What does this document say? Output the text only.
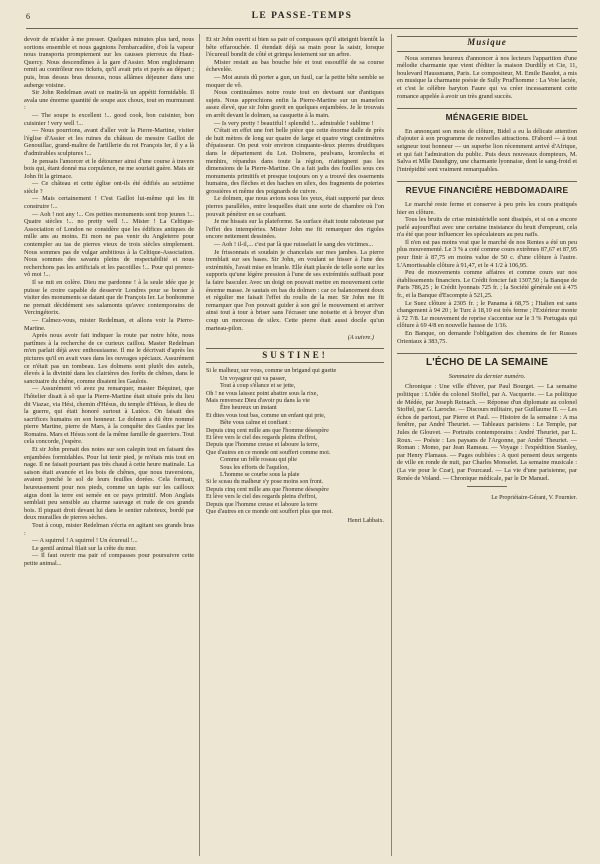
6	LE PASSE-TEMPS

devoir de m'aider à me presser. Quelques minutes plus tard, nous sortions ensemble et nous gagnions l'embarcadère, d'où la vapeur nous transporta promptement sur les causses pierreux du Haut-Quercy. Nous descendîmes à la gare d'Assier. Mon englishmann remit au contrôleur nos tickets, qu'il avait pris et payés au départ ; puis, bras dessus bras dessous, nous allâmes déjeuner dans une auberge voisine.

Sir John Redelman avait ce matin-là un appétit formidable. Il avala une énorme quantité de soupe aux choux, tout en murmurant :

— The soupe is excellent !... good cook, bon cuisinier, bon cuisinier ! very well !...

— Nous pourrions, avant d'aller voir la Pierre-Martine, visiter l'église d'Assier et les ruines du château de messire Gaillot de Genouillac, grand-maître de l'artillerie du roi François Ier, il y a là d'admirables sculptures !...

Je pensais l'amorcer et le détourner ainsi d'une course à travers bois qui, étant donné ma corpulence, ne me souriait guère. Mais sir John fit la grimace.

— Ce château et cette église ont-ils été édifiés au seizième siècle ?

— Mais certainement ! C'est Gaillot lui-même qui les fit construire !...

— Aoh ! not any !... Ces petites monuments sont trop jeunes !... Quatre siècles !... no pretty well !... Mister ! La Celtique-Association of London ne considère que les édifices antiques de mille ans au moins. Et mon ne pas venir du Angleterre pour contempler au tas de pierres vieux de trois siècles simplement. Nous sommes pas de vulgar ambitious à la Celtique-Association. Nous sommes des savants pleins de respectabilité et nous recherchons pas les artificials et les pacotilles !... Pour qui prenez-vô moi !...

Il se mit en colère. Dieu me pardonne ! à la seule idée que je puisse le croire capable de desservir Londres pour se borner à visiter des monuments se datant que de François Ier. Le bonhomme ne prenait décidément ses salamonts qu'avec contemporains de Vercingétorix.

— Calmez-vous, mister Redelman, et allons voir la Pierre-Martine.

Après nous avoir fait indiquer la route par notre hôte, nous partîmes à la recherche de ce curieux caillou. Master Redelman m'en parlait déjà avec enthousiasme. Il me le décrivait d'après les pictures qu'il en avait vues dans les ouvrages spéciaux. Assurément ce n'était pas un tombeau. Les dolmens sont plutôt des autels, élevés à la divinité dans les clairières des forêts de chênes, dans le sanctuaire du chêne, comme disaient les Gaulois.

— Assurément vô avez pu remarquer, master Béquinet, que l'hôtelier disait à sô que la Pierre-Martine était située près du lieu dit Viazac, via Hési, chemin d'Hésus, du temple d'Hésus, le dieu de la guerre, qui était honoré surtout à Lutèce. On faisait des sacrifices humains en son honneur. Le dolmen a dû être nommé pierre Martine, pierre de Mars, à la conquête des Gaules par les Romains. Mars et Hésus sont de la même famille de guerriers. Tout cela concorde, j'espère.

Et sir John prenait des notes sur son calepin tout en faisant des enjambées formidables. Pour lui tenir pied, je m'étais mis tout en nage. Il ne faisait pourtant pas très chaud à cette heure matinale. La saison était avancée et les bois de chênes, que nous traversions, avaient jonché le sol de leurs feuilles dorées. Cela formait, heureusement pour nos pieds, comme un tapis sur les cailloux aigus dont la terre est semée en ce pays primitif. Mon Anglais semblait peu sensible au charme sauvage et rude de ces grands bois. Il piquait droit devant lui dans le sentier raboteux, bordé par deux murailles de pierres sèches.

Tout à coup, mister Redelman s'écria en agitant ses grands bras :

— A squirrel ! A squirrel ! Un écureuil !...

Le gentil animal filait sur la crête du mur.

— Il faut ouvrir ma pair of compasses pour poursuivre cette petite animal...

Et sir John ouvrit si bien sa pair of compasses qu'il atteignit bientôt la bête effarouchée. Il étendait déjà sa main pour la saisir, lorsque l'écureuil bondit de côté et grimpa lestement sur un arbre.

Mister restait au bas bouche bée et tout essoufflé de sa course échevelée.

— Moi aurais dû porter a gun, un fusil, car la petite bête semble se moquer de vô.

Nous continuâmes notre route tout en devisant sur d'antiques sujets. Nous approchions enfin la Pierre-Martine sur un mamelon assez élevé, que sir John gravit en quelques enjambées. Je le trouvais en arrêt devant le dolmen, sa casquette à la main.

— Is very pretty ! beautiful ! splendid !... admirable ! sublime !

C'était en effet une fort belle pièce que cette énorme dalle de près de huit mètres de long sur quatre de large et quatre vingt centimètres d'épaisseur. On peut voir environ cinquante-deux pierres druidiques dans le département du Lot. Dolmens, peulvans, kromlechs et menhirs, répandus dans toute la région, n'atteignent pas les dimensions de la Pierre-Martine. On a fait jadis des fouilles sous ces monuments primitifs et presque toujours on y a trouvé des ossements humains, des flèches et des haches en silex, des fragments de poteries grossières et même des poignards de cuivre.

Le dolmen, que nous avions sous les yeux, était supporté par deux pierres parallèles, entre lesquelles était une sorte de chambre où l'on pouvait pénétrer en se courbant.

Je me hissais sur la plateforme. Sa surface était toute raboteuse par l'effet des intempéries. Mister John me fit remarquer des rigoles encore nettement dessinées.

— Aoh ! il-il,... c'est par là que ruisselait le sang des victimes...

Je frissonnais et soudain je chancelais sur mes jambes. La pierre tremblait sur ses bases. Sir John, en voulant se hisser à l'une des extrémités, l'avait mise en branle. Elle était placée de telle sorte sur les supports qu'une légère pression à l'une de ses extrémités suffisait pour la faire basculer. Avec un doigt on pouvait mettre en mouvement cette énorme masse. Je sautais en bas du dolmen : car ce balancement doux et régulier me faisait l'effet du roulis de la mer. Sir John me fit remarquer que l'on pouvait guider à son gré le mouvement et arriver ainsi tout à tour à briser sans l'écraser une noisette et à broyer d'un coup un morceau de silex. Cette pierre était aussi docile qu'un marteau-pilon.

(A suivre.)
SUSTINE!
Si le malheur, sur vous, comme un brigand qui guette
Un voyageur qui va passer,
Tout à coup s'élance et se jette,
Oh ! ne vous laissez point abattre sous la rixe,
Mais renversez Dieu d'avoir pu dans la vie
Être heureux un instant
Et dites vous tout bas, comme un enfant qui prie,
Bête vous calme et confiant :
Depuis cinq cent mille ans que l'homme désespère
Et lève vers le ciel des regards pleins d'effroi,
Depuis que l'homme creuse et laboure la terre,
Que d'autres en ce monde ont souffert comme moi.
Comme un frêle roseau qui plie
Sous les efforts de l'aquilon,
L'homme se courbe sous la plaie
Si le sceau du malheur s'y pose moins son front.
Depuis cinq cent mille ans que l'homme désespère
Et lève vers le ciel des regards pleins d'effroi,
Depuis que l'homme creuse et laboure la terre
Que d'autres en ce monde ont souffert plus que moi.
Henri Labbaix.
Musique

Nous sommes heureux d'annoncer à nos lecteurs l'apparition d'une mélodie charmante que vient d'éditer la maison Durdilly et Cie, 11, boulevard Haussmann, Paris. Le compositeur, M. Emile Baudot, a mis en musique la charmante poésie de Sully Prud'homme : La Voie lactée, et c'est le célèbre baryton Faure qui va créer incessamment cette romance appelée à avoir un très grand succès.

MÉNAGERIE BIDEL

En annonçant son mois de clôture, Bidel a eu la délicate attention d'ajouter à son programme de nouvelles attractions. D'abord — à tout seigneur tout honneur — un superbe lion récemment arrivé d'Afrique, et qui fait l'admiration du public. Puis deux nouveaux dompteurs, M. Salva et Mlle Daudigny, une charmante lyonnaise, dont le sang-froid et l'intrépidité sont vraiment remarquables.

REVUE FINANCIÈRE HEBDOMADAIRE

Le marché reste ferme et conserve à peu près les cours pratiqués hier en clôture.

Tous les bruits de crise ministérielle sont dissipés, et si on a encore parlé aujourd'hui avec une certaine insistance du bruit d'emprunt, cela n'a été que pour influencer les spéculateurs au peu naïfs.

Il n'en est pas moins vrai que le marché de nos Rentes a été un peu plus mouvementé. Le 3 % a coté comme cours extrêmes 87,67 et 87,95 pour finir à 87,75 en moins value de 50 c. d'une clôture à l'autre. L'Amortissable clôture à 91,47, et le 4 1/2 à 106,95.

Peu de mouvements comme affaires et comme cours sur nos établissements financiers. Le Crédit foncier fait 1307,50 ; la Banque de Paris 786,25 ; le Crédit lyonnais 725 fr. ; la Société générale est à 475 fr., et la Banque d'Escompte à 521,25.

Le Suez clôture à 2305 fr. ; le Panama à 68,75 ; l'Italien est sans changement à 94 20 ; le Turc à 18,10 est très ferme ; l'Extérieur monte à 72 7/8. Le mouvement de reprise s'accentue sur le 3 % Portugais qui clôture à 69 4/8 en nouvelle hausse de 1/16.

En Banque, on demande l'obligation des chemins de fer Russes Orientaux à 383,75.

L'ÉCHO DE LA SEMAINE
Sommaire du dernier numéro.

Chronique : Une ville d'hiver, par Paul Bourget. — La semaine politique : L'idée du colonel Stoffel, par A. Vacquerie. — La politique de Médée, par Joseph Reinach. — Réponse d'un diplomate au colonel Stoffel, par G. Laroche. — Discours militaire, par Guillaume II. — Les échos de partout, par Pierre et Paul. — Histoire de la semaine : A ma fenêtre, par André Theuriet. — Tableaux parisiens : Le Temple, par Jules de Glouvet. — Portraits contemporains : André Theuriet, par L. Roux. — Poésie : Les paysans de l'Argonne, par André Theuriet. — Roman : Momo, par Jean Rameau. — Voyage : l'expédition Stanley, par Henry Flamaus. — Pages oubliées : A quoi pensent deux sergents de ville en ronde de nuit, par Charles Monselet. La semaine musicale : (La vie pour le Czar), par Fourcaud. — La vie d'une parisienne, par Renée de Voland. — Chronique médicale, par le Dr Manuel.

Le Propriétaire-Gérant, V. Fournier.
